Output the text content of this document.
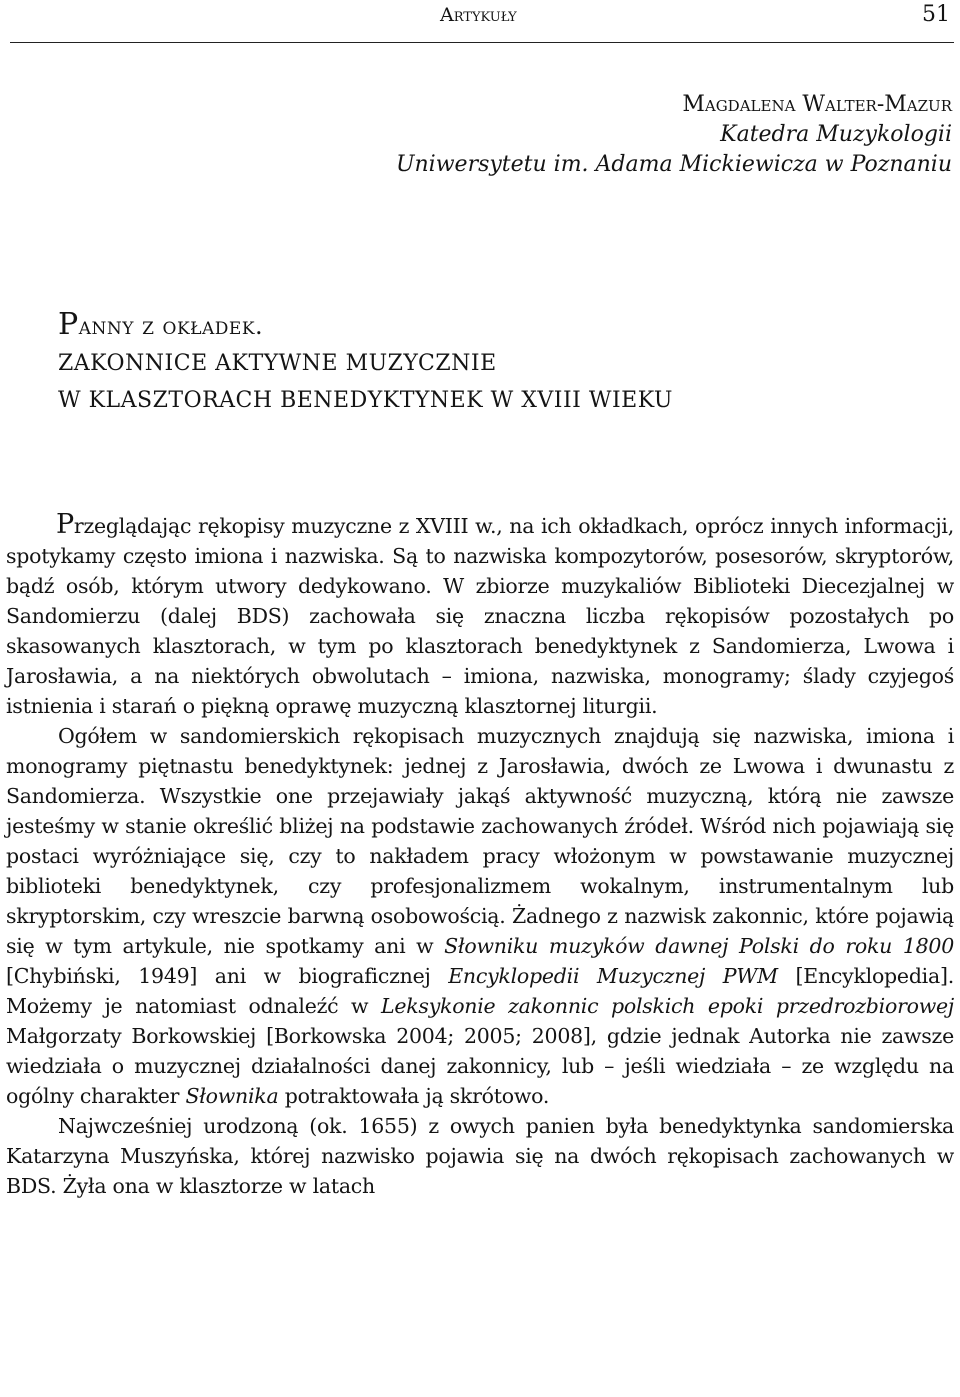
Artykuły	51
Magdalena Walter-Mazur
Katedra Muzykologii
Uniwersytetu im. Adama Mickiewicza w Poznaniu
Panny z okładek.
ZAKONNICE AKTYWNE MUZYCZNIE
W KLASZTORACH BENEDYKTYNEK W XVIII WIEKU

Przeglądając rękopisy muzyczne z XVIII w., na ich okładkach, oprócz innych informacji, spotykamy często imiona i nazwiska. Są to nazwiska kompozytorów, posesorów, skryptorów, bądź osób, którym utwory dedykowano. W zbiorze muzykaliów Biblioteki Diecezjalnej w Sandomierzu (dalej BDS) zachowała się znaczna liczba rękopisów pozostałych po skasowanych klasztorach, w tym po klasztorach benedyktynek z Sandomierza, Lwowa i Jarosławia, a na niektórych obwolutach – imiona, nazwiska, monogramy; ślady czyjegoś istnienia i starań o piękną oprawę muzyczną klasztornej liturgii.

Ogółem w sandomierskich rękopisach muzycznych znajdują się nazwiska, imiona i monogramy piętnastu benedyktynek: jednej z Jarosławia, dwóch ze Lwowa i dwunastu z Sandomierza. Wszystkie one przejawiały jakąś aktywność muzyczną, którą nie zawsze jesteśmy w stanie określić bliżej na podstawie zachowanych źródeł. Wśród nich pojawiają się postaci wyróżniające się, czy to nakładem pracy włożonym w powstawanie muzycznej biblioteki benedyktynek, czy profesjonalizmem wokalnym, instrumentalnym lub skryptorskim, czy wreszcie barwną osobowością. Żadnego z nazwisk zakonnic, które pojawią się w tym artykule, nie spotkamy ani w Słowniku muzyków dawnej Polski do roku 1800 [Chybiński, 1949] ani w biograficznej Encyklopedii Muzycznej PWM [Encyklopedia]. Możemy je natomiast odnaleźć w Leksykonie zakonnic polskich epoki przedrozbiorowej Małgorzaty Borkowskiej [Borkowska 2004; 2005; 2008], gdzie jednak Autorka nie zawsze wiedziała o muzycznej działalności danej zakonnicy, lub – jeśli wiedziała – ze względu na ogólny charakter Słownika potraktowała ją skrótowo.

Najwcześniej urodzoną (ok. 1655) z owych panien była benedyktynka sandomierska Katarzyna Muszyńska, której nazwisko pojawia się na dwóch rękopisach zachowanych w BDS. Żyła ona w klasztorze w latach
